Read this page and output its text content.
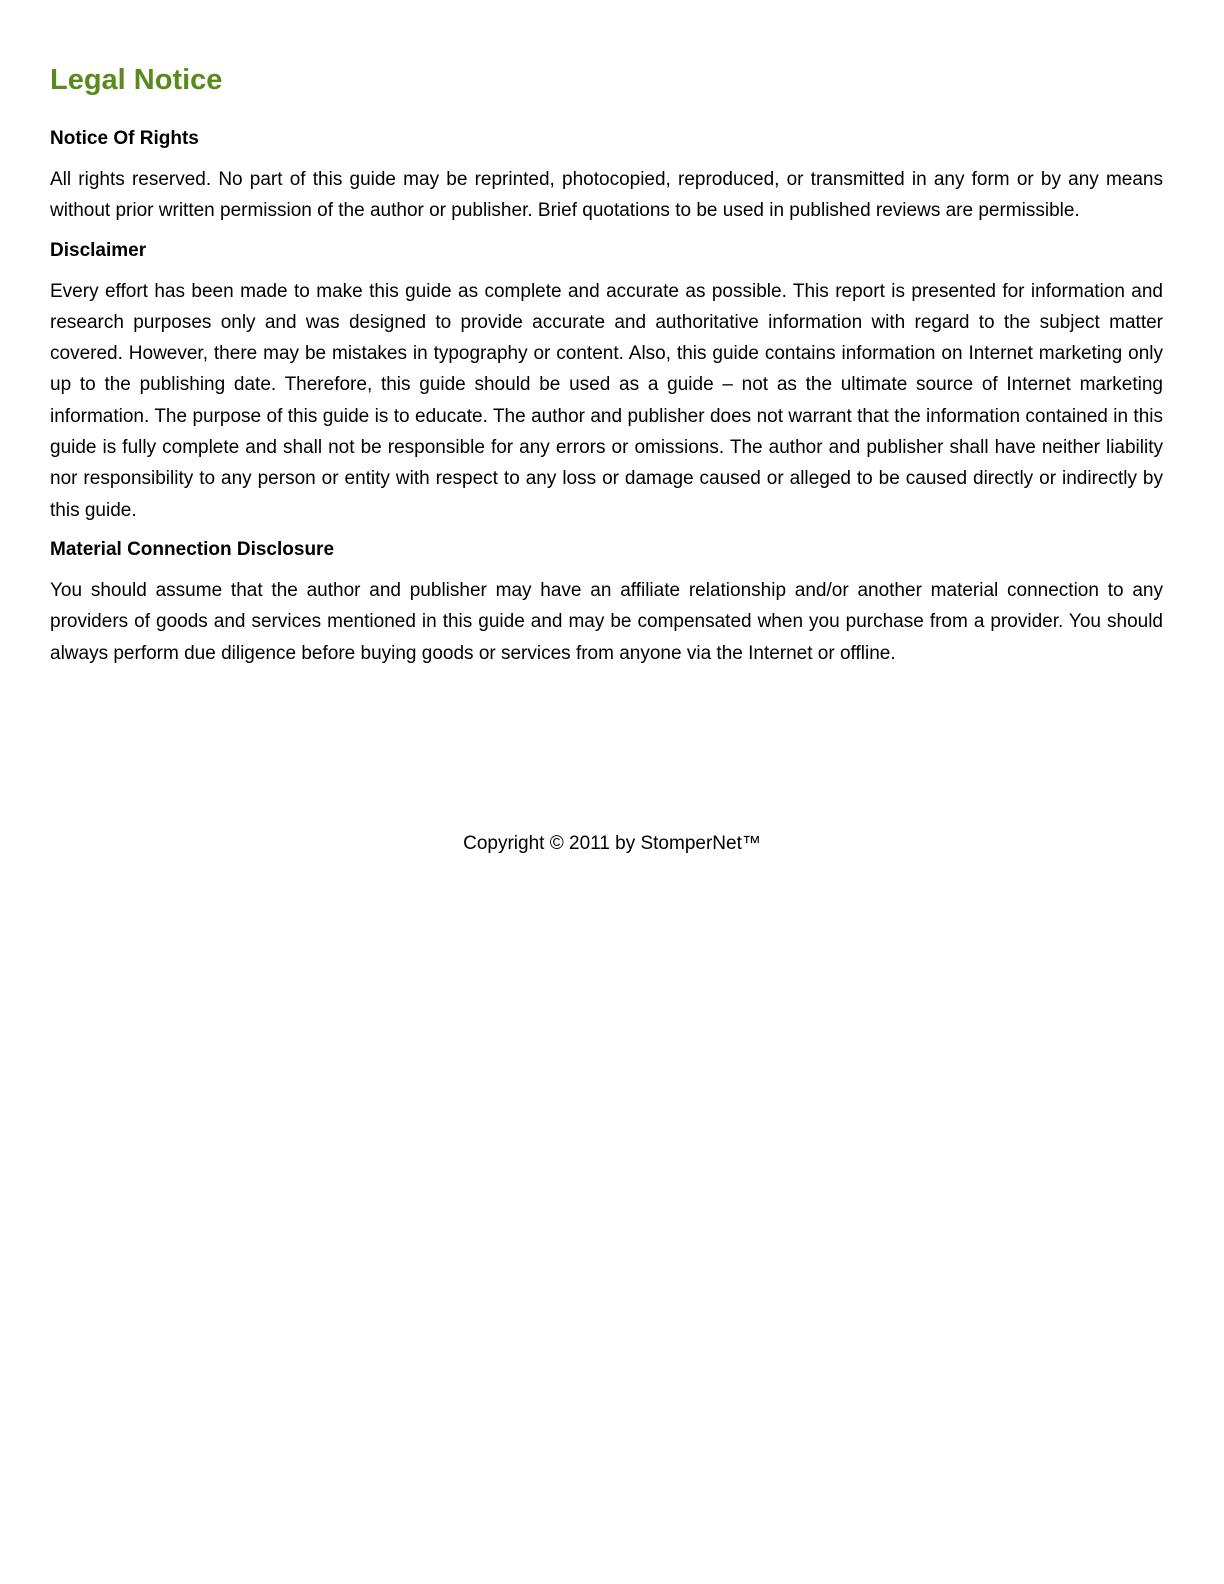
Legal Notice
Notice Of Rights

All rights reserved. No part of this guide may be reprinted, photocopied, reproduced, or transmitted in any form or by any means without prior written permission of the author or publisher. Brief quotations to be used in published reviews are permissible.

Disclaimer

Every effort has been made to make this guide as complete and accurate as possible. This report is presented for information and research purposes only and was designed to provide accurate and authoritative information with regard to the subject matter covered. However, there may be mistakes in typography or content. Also, this guide contains information on Internet marketing only up to the publishing date. Therefore, this guide should be used as a guide – not as the ultimate source of Internet marketing information. The purpose of this guide is to educate. The author and publisher does not warrant that the information contained in this guide is fully complete and shall not be responsible for any errors or omissions. The author and publisher shall have neither liability nor responsibility to any person or entity with respect to any loss or damage caused or alleged to be caused directly or indirectly by this guide.

Material Connection Disclosure

You should assume that the author and publisher may have an affiliate relationship and/or another material connection to any providers of goods and services mentioned in this guide and may be compensated when you purchase from a provider. You should always perform due diligence before buying goods or services from anyone via the Internet or offline.

Copyright © 2011 by StomperNet™
